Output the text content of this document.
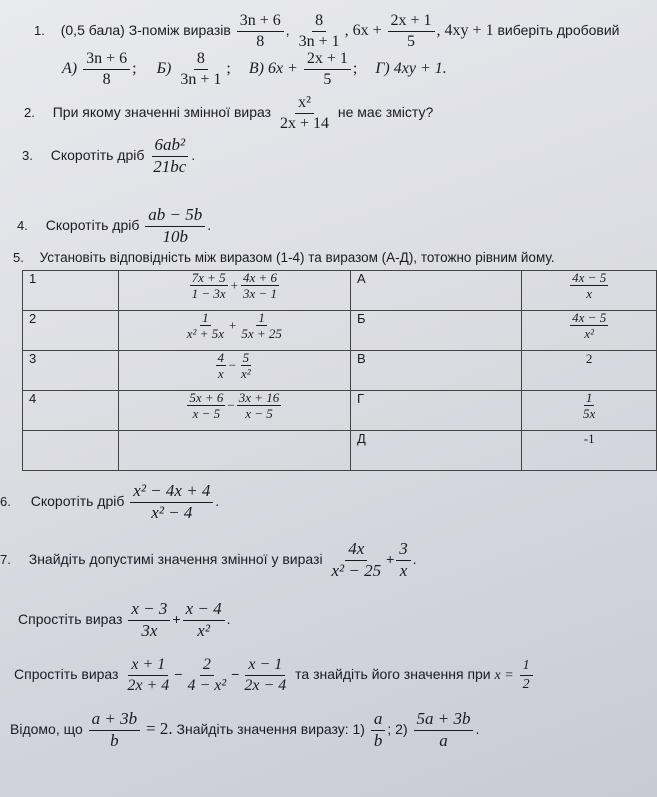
1. (0,5 бала) З-поміж виразів $\frac{3n + 6}{8}$ , $\frac{8}{3n + 1}$ , $6x + \frac{2x + 1}{5}$ , 4xy + 1 виберіть дробовий
$А) \frac{3n + 6}{8}$ ; $Б) \frac{8}{3n + 1}$ ; В) $6x + \frac{2x + 1}{5}$ ; Г) 4xy + 1.
2. При якому значенні змінної вираз $\frac{\text{x²}}{2x + 14}$ не має змісту?
3. Скоротіть дріб $\frac{\text{6ab²}}{21bc}$ .
4. Скоротіть дріб $\frac{ab - 5b}{10b}$ .
5. Установіть відповідність між виразом (1-4) та виразом (А-Д), тотожно рівним йому.
1	$\frac{7x + 5}{1 - 3x} + \frac{4x + 6}{3x - 1}$	А	$\frac{4x - 5}{x}$

2	$\frac{1}{\text{x² + 5x}} + \frac{1}{5x + 25}$	Б	$\frac{4x - 5}{\text{x²}}$

3	$\frac{4}{x} - \frac{5}{\text{x²}}$	В	2
4	$\frac{5x + 6}{x - 5} - \frac{3x + 16}{x - 5}$	Г	$\frac{1}{5x}$

		Д	-1
6. Скоротіть дріб $\frac{\text{x² − 4x + 4}}{\text{x² − 4}}$ .
7. Знайдіть допустимі значення змінної у виразі $\frac{4x}{\text{x² − 25}} + \frac{3}{x}$ .
Спростіть вираз $\frac{x - 3}{3x} + \frac{x - 4}{\text{x²}}$ .
Спростіть вираз $\frac{x + 1}{2x + 4} - \frac{2}{\text{4 − x²}} - \frac{x - 1}{2x - 4}$ та знайдіть його значення при $x = \frac{1}{2}$
Відомо, що $\frac{a + 3b}{b} = 2$. Знайдіть значення виразу: $1) \frac{a}{b}$ ; $2) \frac{5a + 3b}{a}$ .
